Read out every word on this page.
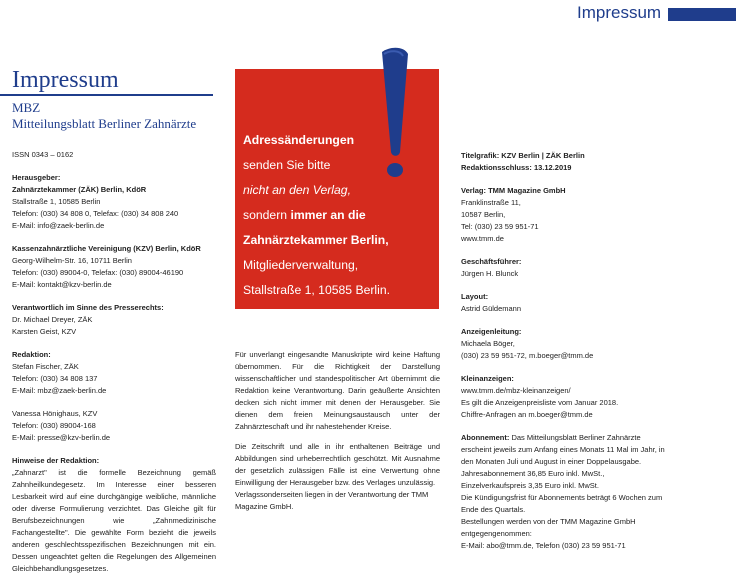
Impressum
Impressum
MBZ
Mitteilungsblatt Berliner Zahnärzte

ISSN 0343 – 0162

Herausgeber:

Zahnärztekammer (ZÄK) Berlin, KdöR

Stallstraße 1, 10585 Berlin

Telefon: (030) 34 808 0, Telefax: (030) 34 808 240

E-Mail: info@zaek-berlin.de

Kassenzahnärztliche Vereinigung (KZV) Berlin, KdöR

Georg-Wilhelm-Str. 16, 10711 Berlin

Telefon: (030) 89004-0, Telefax: (030) 89004-46190

E-Mail: kontakt@kzv-berlin.de

Verantwortlich im Sinne des Presserechts:

Dr. Michael Dreyer, ZÄK

Karsten Geist, KZV

Redaktion:

Stefan Fischer, ZÄK

Telefon: (030) 34 808 137

E-Mail: mbz@zaek-berlin.de

Vanessa Hönighaus, KZV

Telefon: (030) 89004-168

E-Mail: presse@kzv-berlin.de

Hinweise der Redaktion:

„Zahnarzt" ist die formelle Bezeichnung gemäß Zahnheilkundegesetz. Im Interesse einer besseren Lesbarkeit wird auf eine durchgängige weibliche, männliche oder diverse Formulierung verzichtet. Das Gleiche gilt für Berufsbezeichnungen wie „Zahnmedizinische Fachangestellte". Die gewählte Form bezieht die jeweils anderen geschlechtsspezifischen Bezeichnungen mit ein. Dessen ungeachtet gelten die Regelungen des Allgemeinen Gleichbehandlungsgesetzes.

Adressänderungen
senden Sie bitte
nicht an den Verlag,
sondern immer an die
Zahnärztekammer Berlin,
Mitgliederverwaltung,
Stallstraße 1, 10585 Berlin.

Für unverlangt eingesandte Manuskripte wird keine Haftung übernommen. Für die Richtigkeit der Darstellung wissenschaftlicher und standespolitischer Art übernimmt die Redaktion keine Verantwortung. Darin geäußerte Ansichten decken sich nicht immer mit denen der Herausgeber. Sie dienen dem freien Meinungsaustausch unter der Zahnärzteschaft und ihr nahestehender Kreise.

Die Zeitschrift und alle in ihr enthaltenen Beiträge und Abbildungen sind urheberrechtlich geschützt. Mit Ausnahme der gesetzlich zulässigen Fälle ist eine Verwertung ohne Einwilligung der Herausgeber bzw. des Verlages unzulässig.

Verlagssonderseiten liegen in der Verantwortung der TMM Magazine GmbH.

Titelgrafik: KZV Berlin | ZÄK Berlin

Redaktionsschluss: 13.12.2019

Verlag: TMM Magazine GmbH

Franklinstraße 11,

10587 Berlin,

Tel: (030) 23 59 951-71

www.tmm.de

Geschäftsführer:

Jürgen H. Blunck

Layout:

Astrid Güldemann

Anzeigenleitung:

Michaela Böger,

(030) 23 59 951-72, m.boeger@tmm.de

Kleinanzeigen:

www.tmm.de/mbz-kleinanzeigen/

Es gilt die Anzeigenpreisliste vom Januar 2018.

Chiffre-Anfragen an m.boeger@tmm.de

Abonnement: Das Mitteilungsblatt Berliner Zahnärzte erscheint jeweils zum Anfang eines Monats 11 Mal im Jahr, in den Monaten Juli und August in einer Doppelausgabe.

Jahresabonnement 36,85 Euro inkl. MwSt.,

Einzelverkaufspreis 3,35 Euro inkl. MwSt.

Die Kündigungsfrist für Abonnements beträgt 6 Wochen zum Ende des Quartals.

Bestellungen werden von der TMM Magazine GmbH entgegengenommen:

E-Mail: abo@tmm.de, Telefon (030) 23 59 951-71
